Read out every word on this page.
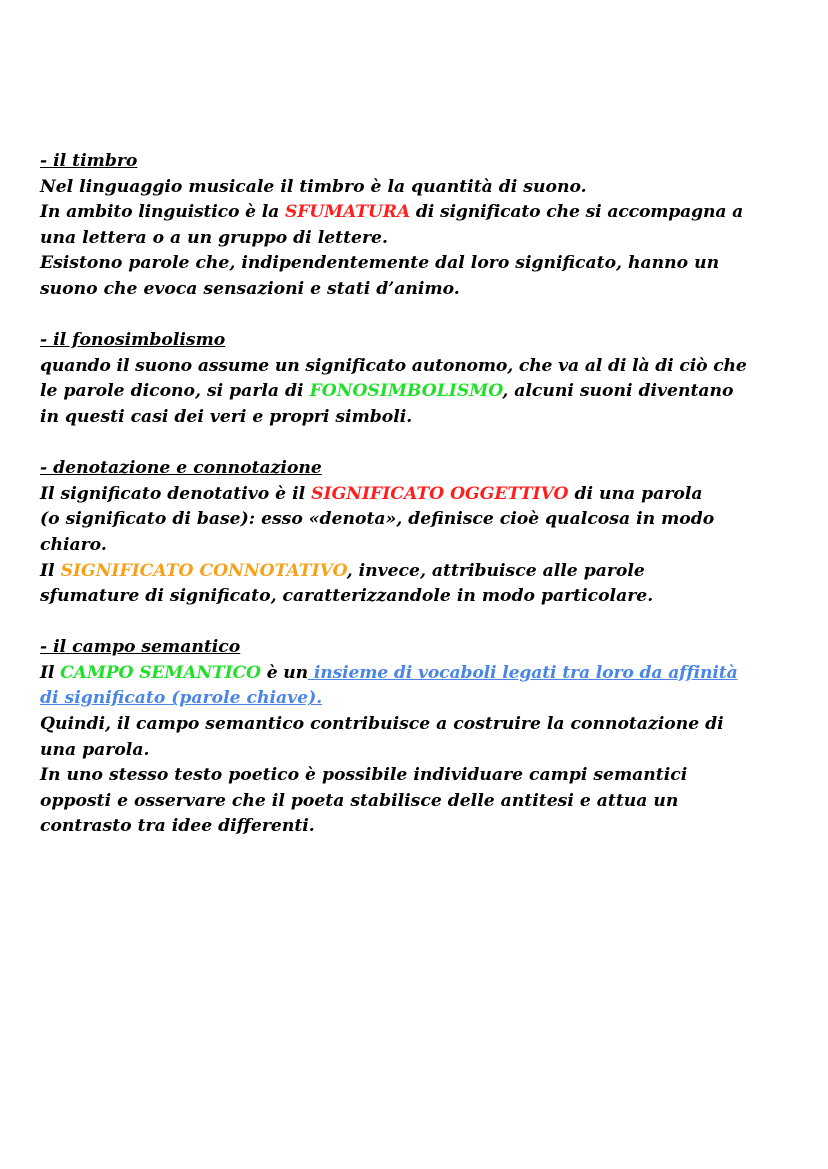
- il timbro
Nel linguaggio musicale il timbro è la quantità di suono.
In ambito linguistico è la SFUMATURA di significato che si accompagna a
una lettera o a un gruppo di lettere.
Esistono parole che, indipendentemente dal loro significato, hanno un
suono che evoca sensazioni e stati d’animo.
- il fonosimbolismo
quando il suono assume un significato autonomo, che va al di là di ciò che
le parole dicono, si parla di FONOSIMBOLISMO, alcuni suoni diventano
in questi casi dei veri e propri simboli.
- denotazione e connotazione
Il significato denotativo è il SIGNIFICATO OGGETTIVO di una parola
(o significato di base): esso «denota», definisce cioè qualcosa in modo
chiaro.
Il SIGNIFICATO CONNOTATIVO, invece, attribuisce alle parole
sfumature di significato, caratterizzandole in modo particolare.
- il campo semantico
Il CAMPO SEMANTICO è un insieme di vocaboli legati tra loro da affinità
di significato (parole chiave).
Quindi, il campo semantico contribuisce a costruire la connotazione di
una parola.
In uno stesso testo poetico è possibile individuare campi semantici
opposti e osservare che il poeta stabilisce delle antitesi e attua un
contrasto tra idee differenti.
